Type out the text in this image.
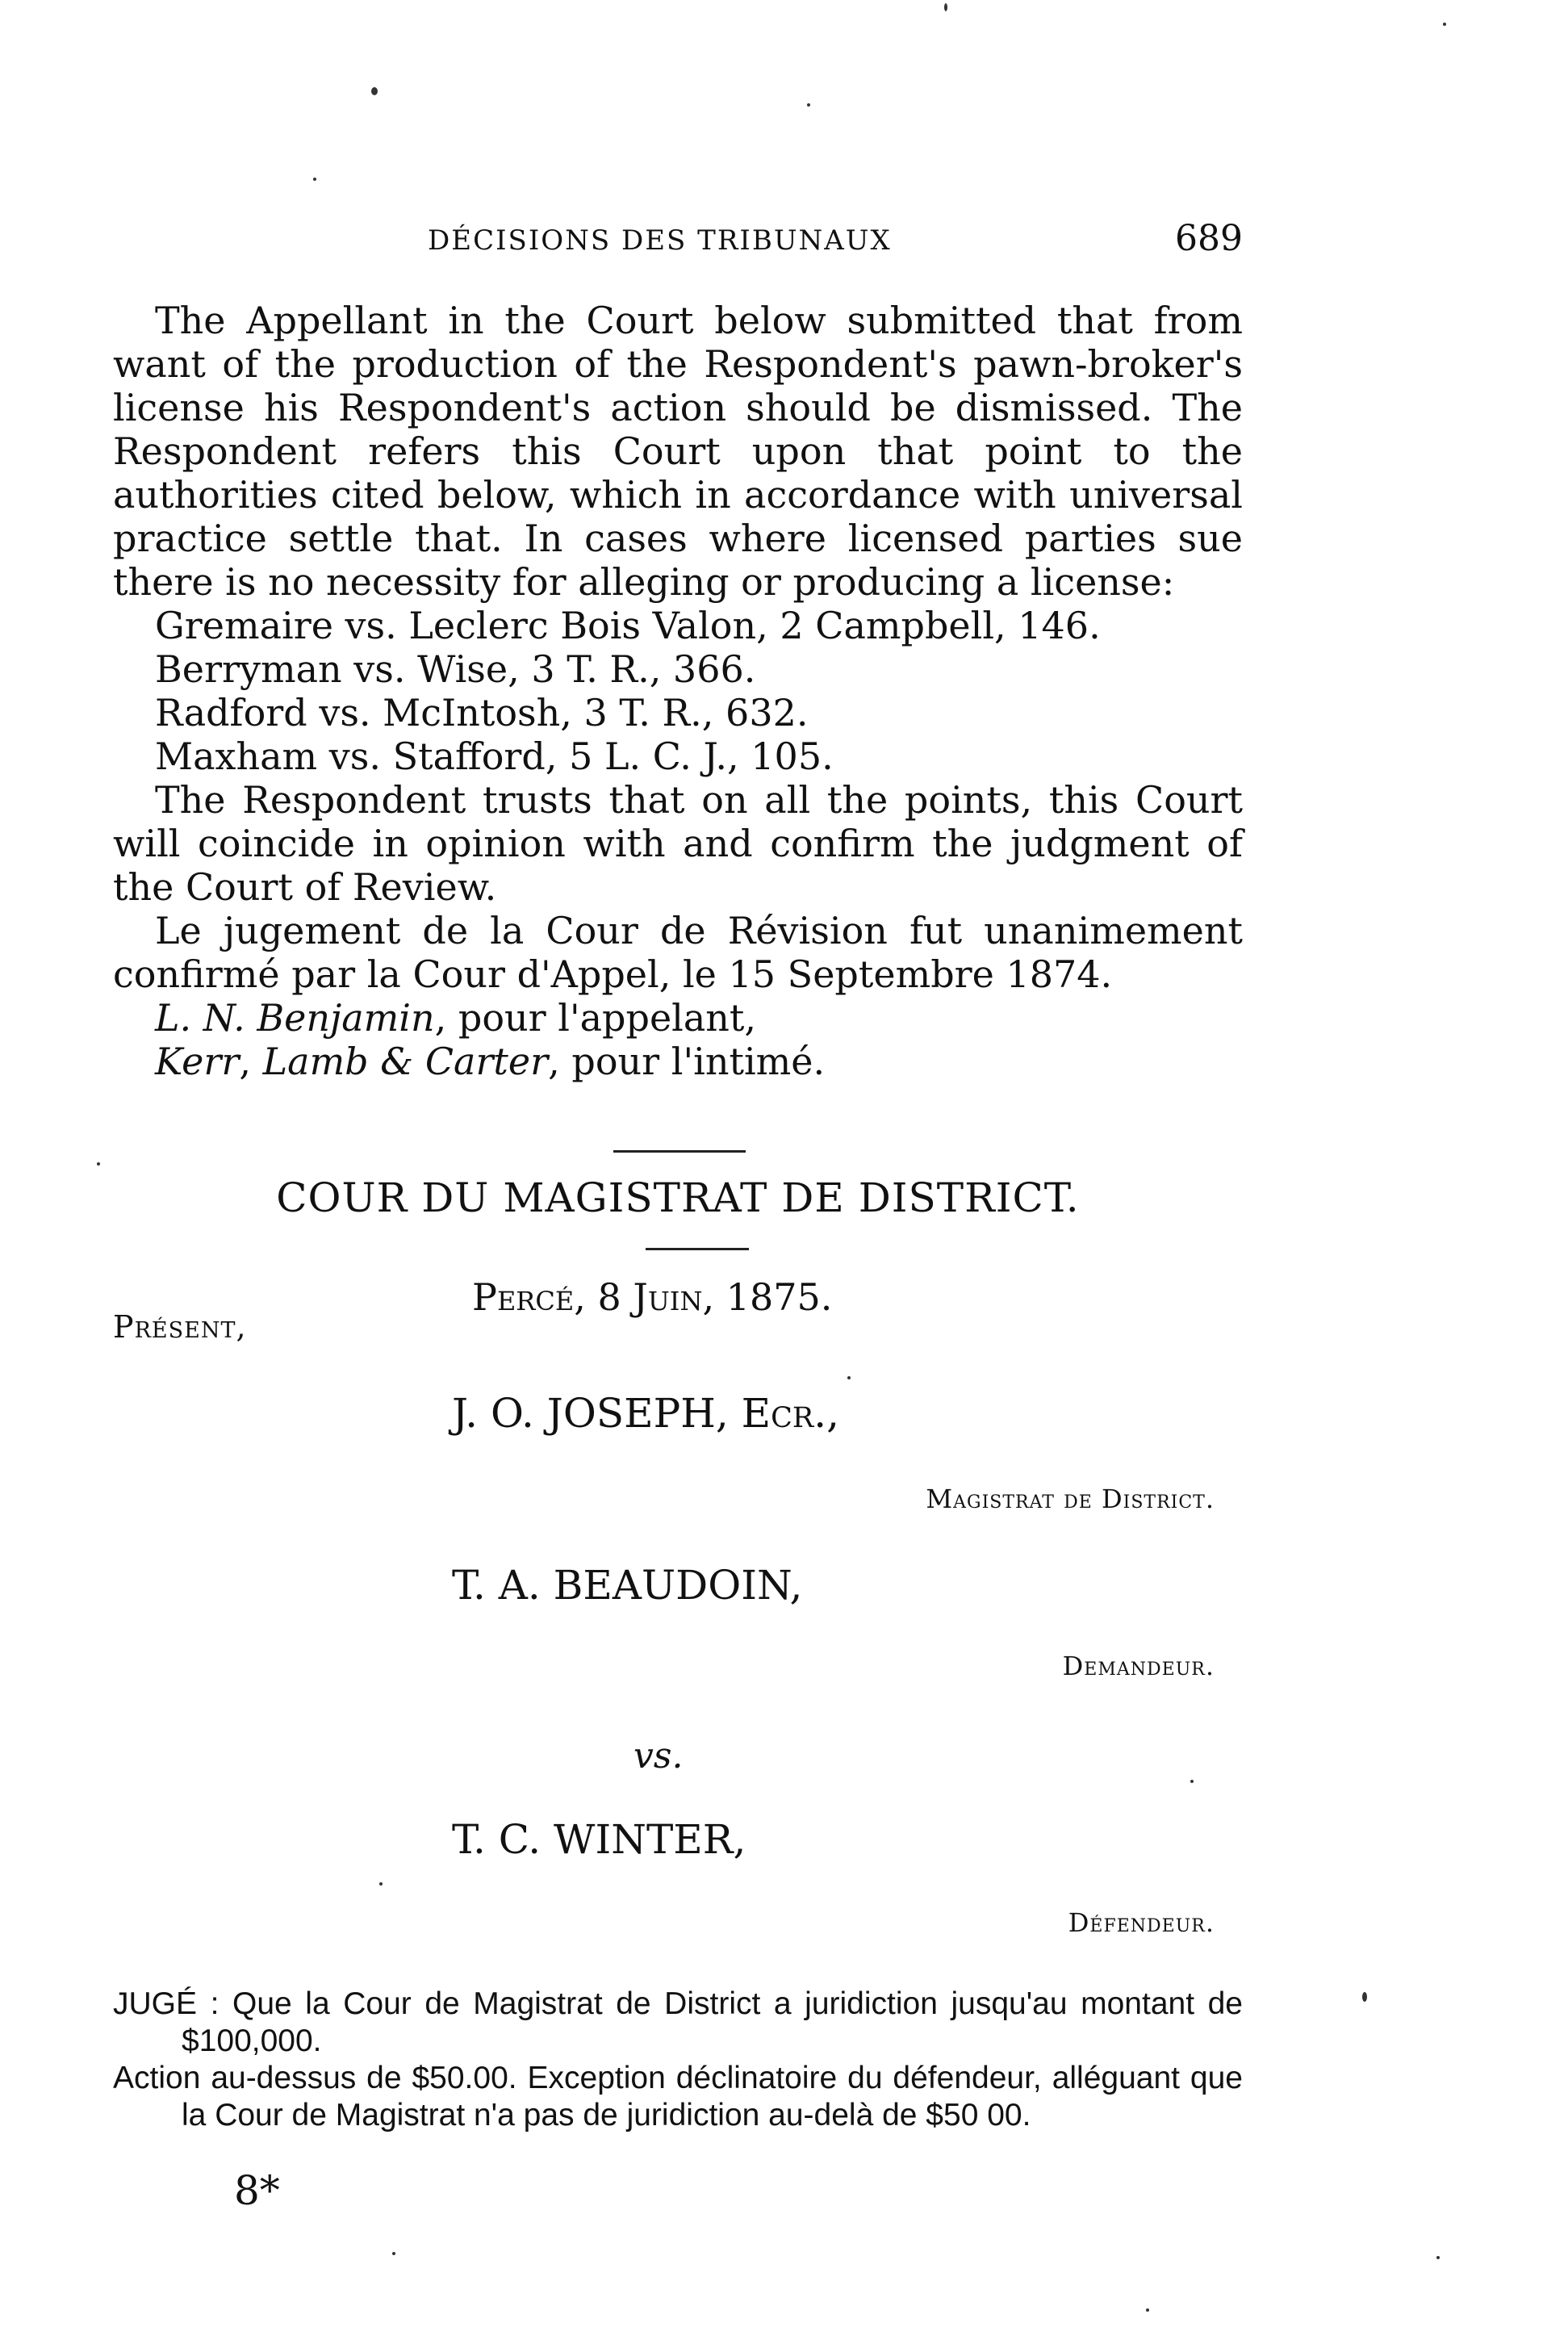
DÉCISIONS DES TRIBUNAUX	689

The Appellant in the Court below submitted that from want of the production of the Respondent's pawn-broker's license his Respondent's action should be dismissed. The Respondent refers this Court upon that point to the authorities cited below, which in accordance with universal practice settle that. In cases where licensed parties sue there is no necessity for alleging or producing a license:

Gremaire vs. Leclerc Bois Valon, 2 Campbell, 146.

Berryman vs. Wise, 3 T. R., 366.

Radford vs. McIntosh, 3 T. R., 632.

Maxham vs. Stafford, 5 L. C. J., 105.

The Respondent trusts that on all the points, this Court will coincide in opinion with and confirm the judgment of the Court of Review.

Le jugement de la Cour de Révision fut unanimement confirmé par la Cour d'Appel, le 15 Septembre 1874.

L. N. Benjamin, pour l'appelant,

Kerr, Lamb & Carter, pour l'intimé.

COUR DU MAGISTRAT DE DISTRICT.
Percé, 8 Juin, 1875.
Présent,
J. O. JOSEPH, Ecr.,
Magistrat de District.
T. A. BEAUDOIN,
Demandeur.
vs.
T. C. WINTER,
Défendeur.

JUGÉ : Que la Cour de Magistrat de District a juridiction jusqu'au montant de $100,000.

Action au-dessus de $50.00. Exception déclinatoire du défendeur, alléguant que la Cour de Magistrat n'a pas de juridiction au-delà de $50 00.

8*
